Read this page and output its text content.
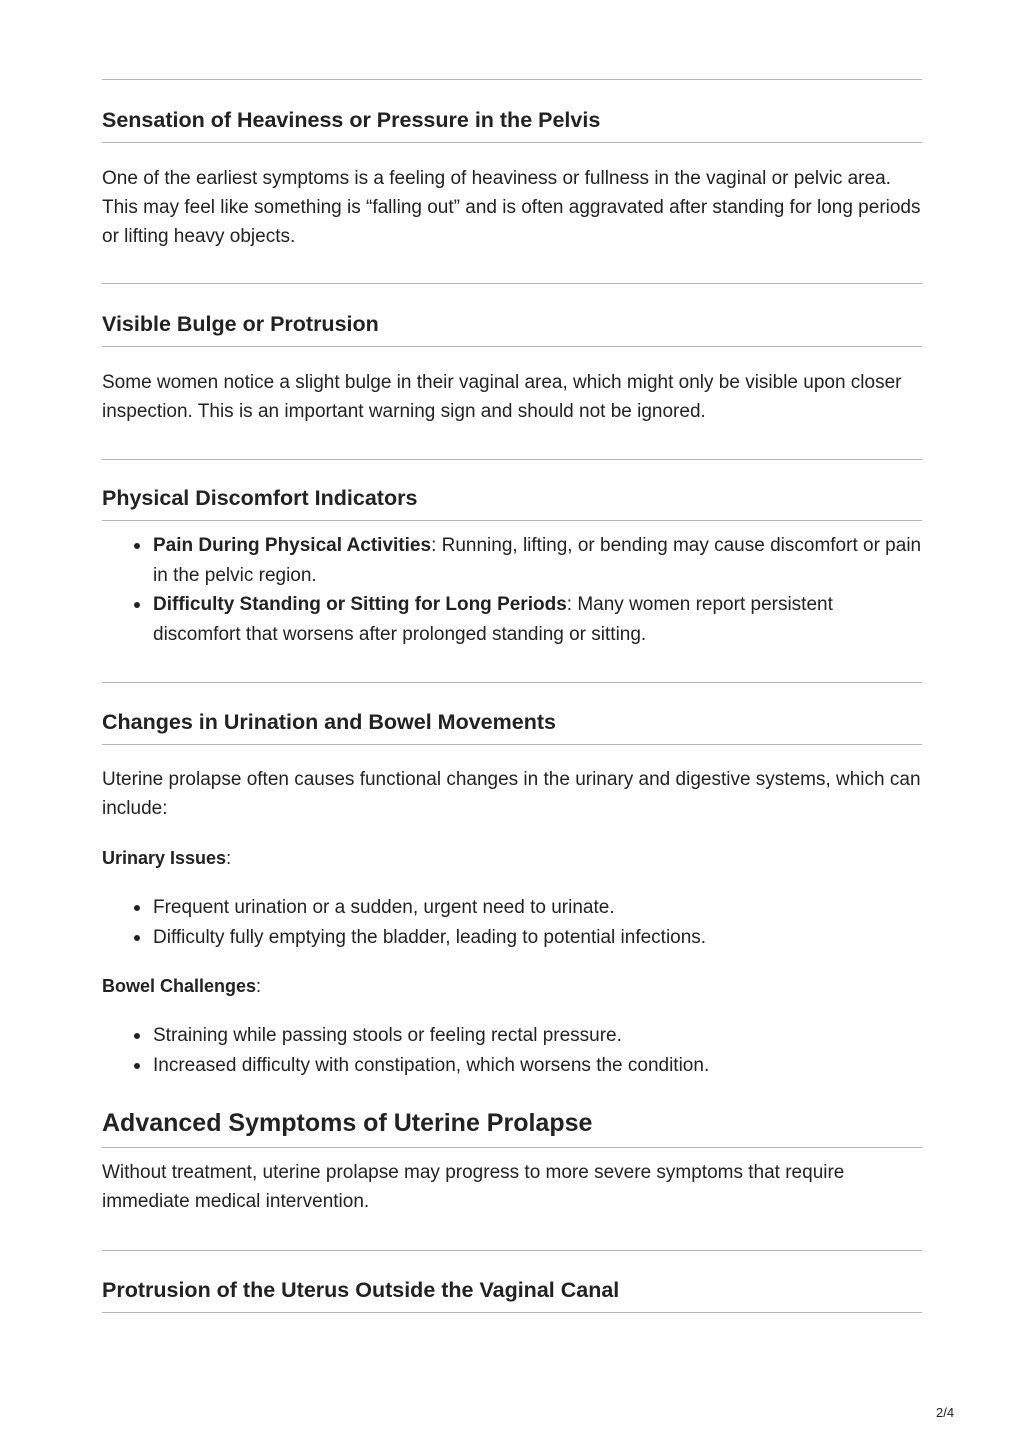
Sensation of Heaviness or Pressure in the Pelvis

One of the earliest symptoms is a feeling of heaviness or fullness in the vaginal or pelvic area. This may feel like something is “falling out” and is often aggravated after standing for long periods or lifting heavy objects.

Visible Bulge or Protrusion

Some women notice a slight bulge in their vaginal area, which might only be visible upon closer inspection. This is an important warning sign and should not be ignored.

Physical Discomfort Indicators
Pain During Physical Activities: Running, lifting, or bending may cause discomfort or pain in the pelvic region.
Difficulty Standing or Sitting for Long Periods: Many women report persistent discomfort that worsens after prolonged standing or sitting.
Changes in Urination and Bowel Movements

Uterine prolapse often causes functional changes in the urinary and digestive systems, which can include:

Urinary Issues:

Frequent urination or a sudden, urgent need to urinate.
Difficulty fully emptying the bladder, leading to potential infections.

Bowel Challenges:

Straining while passing stools or feeling rectal pressure.
Increased difficulty with constipation, which worsens the condition.
Advanced Symptoms of Uterine Prolapse

Without treatment, uterine prolapse may progress to more severe symptoms that require immediate medical intervention.

Protrusion of the Uterus Outside the Vaginal Canal
2/4
